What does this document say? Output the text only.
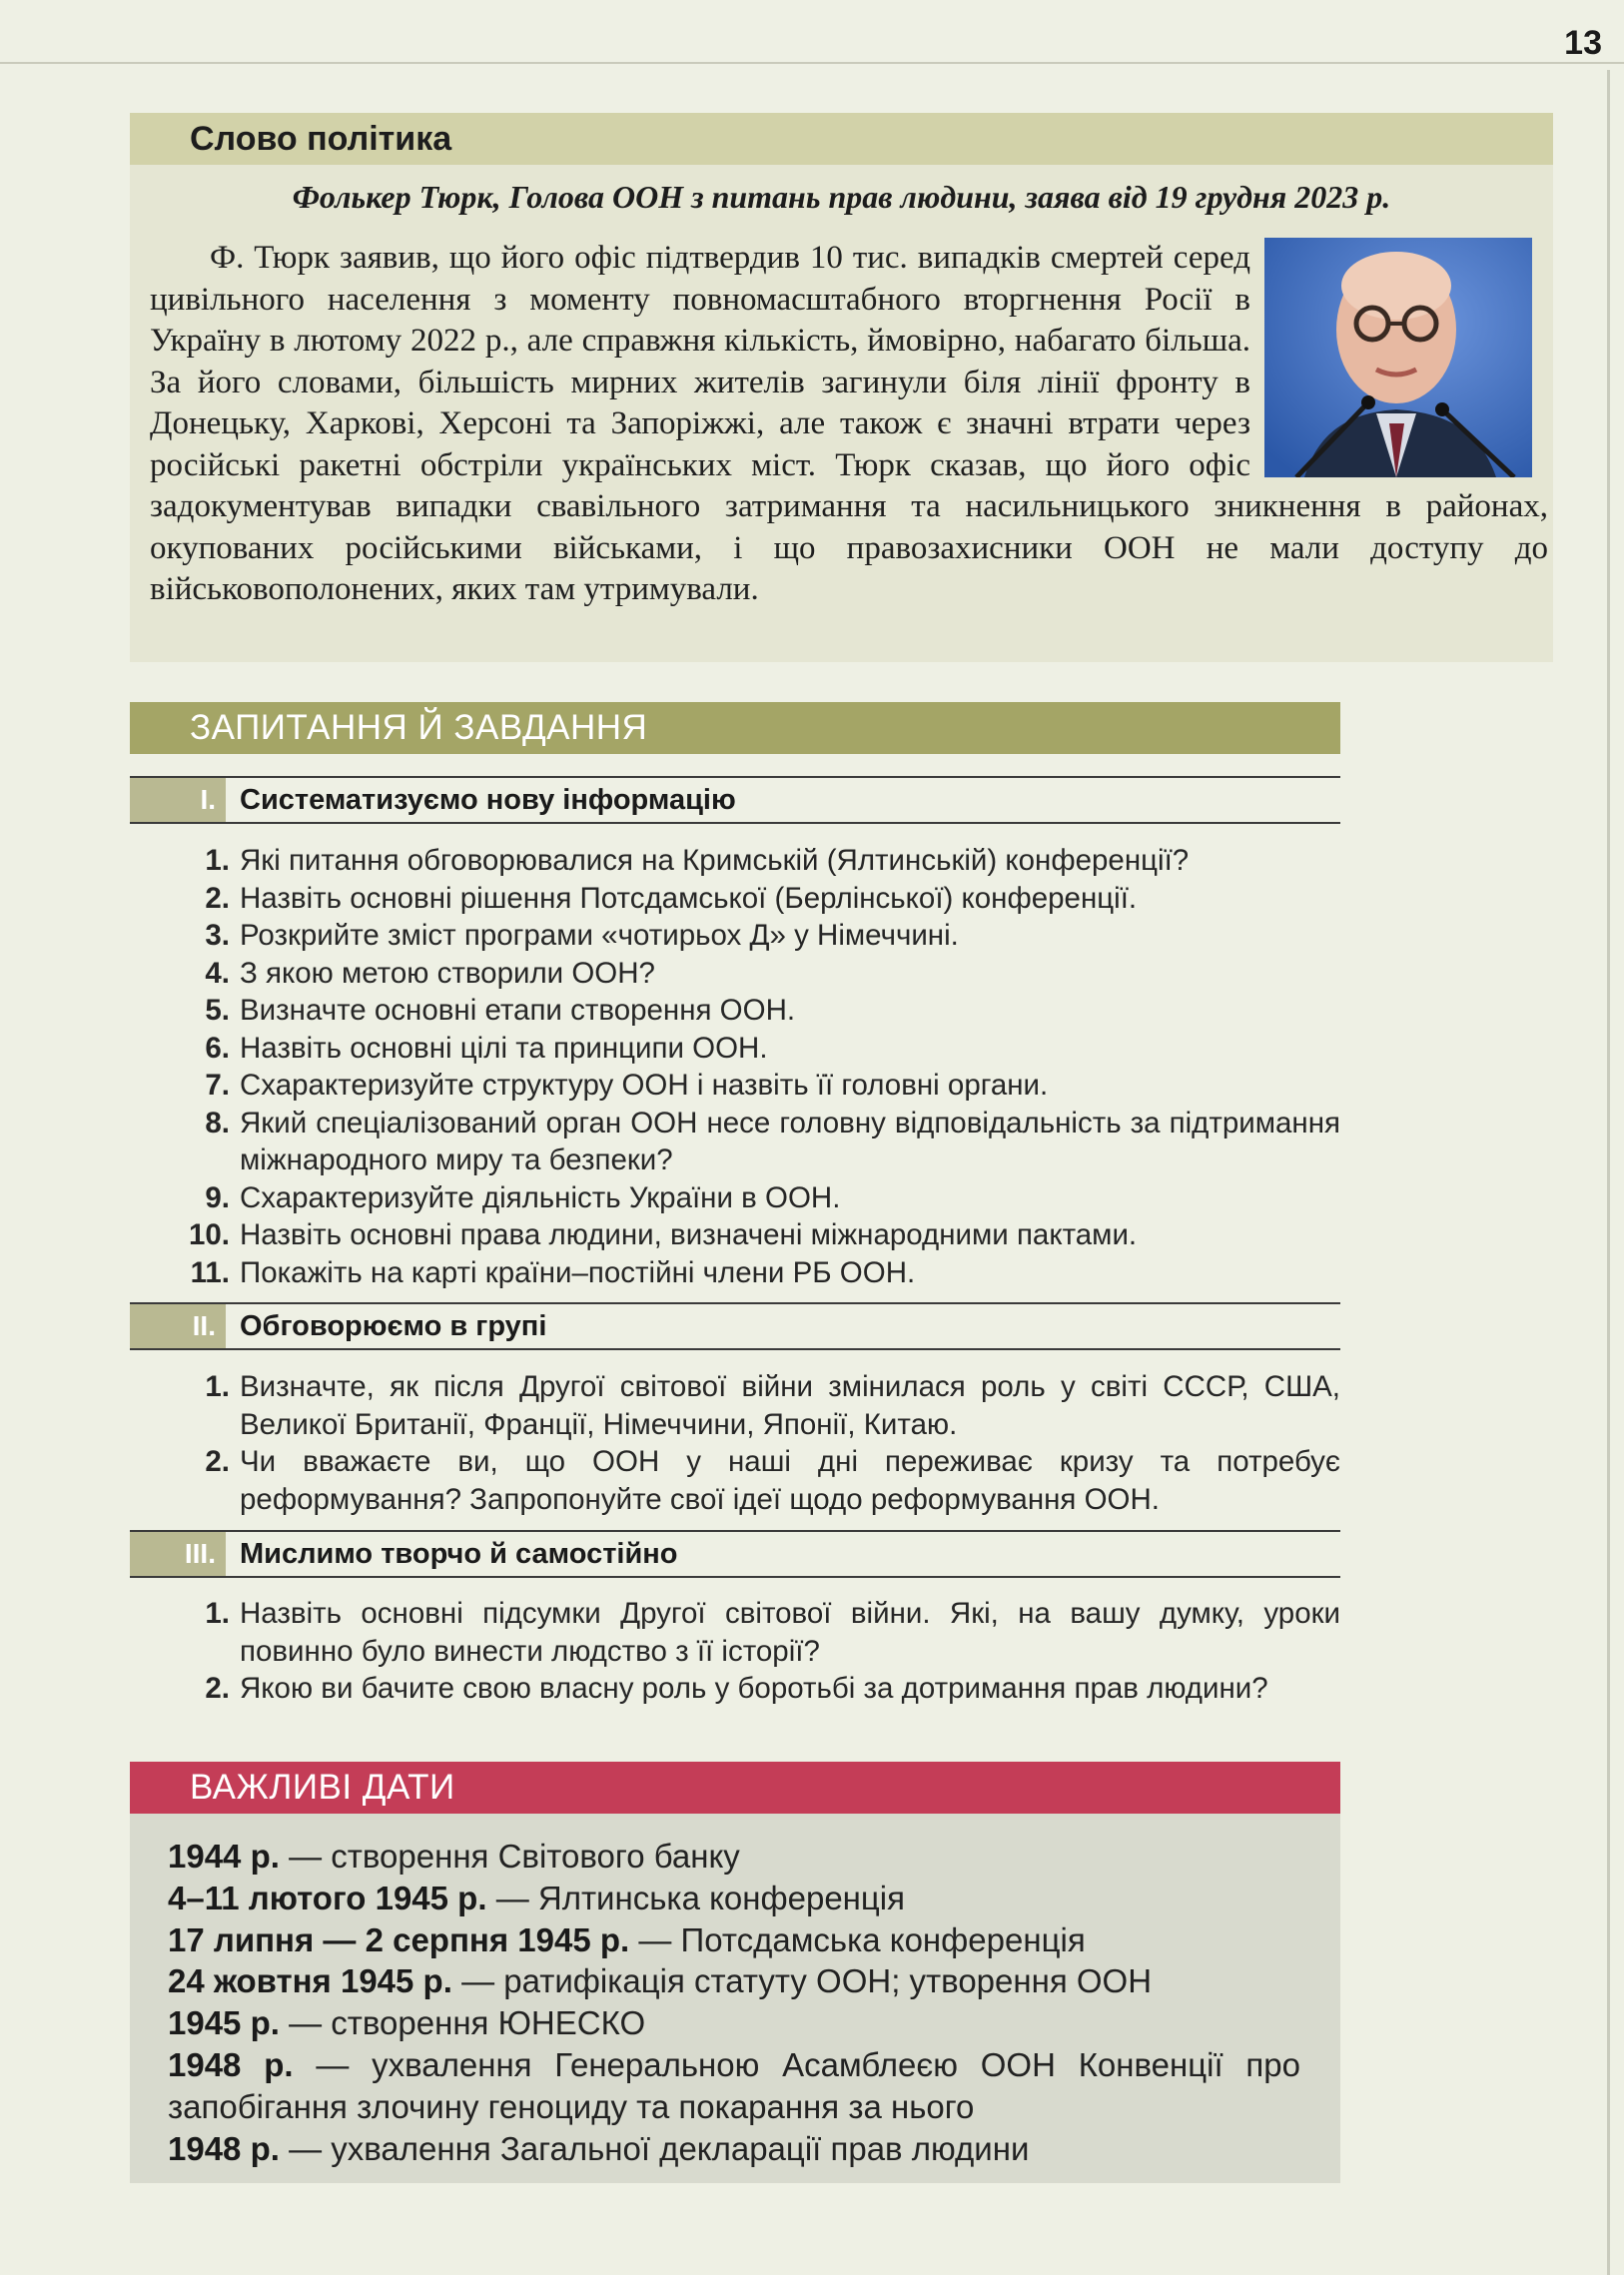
13
Слово політика
Фолькер Тюрк, Голова ООН з питань прав людини, заява від 19 грудня 2023 р.
Ф. Тюрк заявив, що його офіс підтвердив 10 тис. випадків смертей серед цивільного населення з моменту повномасштабного вторгнення Росії в Україну в лютому 2022 р., але справжня кількість, ймовірно, набагато більша. За його словами, більшість мирних жителів загинули біля лінії фронту в Донецьку, Харкові, Херсоні та Запоріжжі, але також є значні втрати через російські ракетні обстріли українських міст. Тюрк сказав, що його офіс задокументував випадки свавільного затримання та насильницького зникнення в районах, окупованих російськими військами, і що правозахисники ООН не мали доступу до військовополонених, яких там утримували.
ЗАПИТАННЯ Й ЗАВДАННЯ
I. Систематизуємо нову інформацію
1. Які питання обговорювалися на Кримській (Ялтинській) конференції?
2. Назвіть основні рішення Потсдамської (Берлінської) конференції.
3. Розкрийте зміст програми «чотирьох Д» у Німеччині.
4. З якою метою створили ООН?
5. Визначте основні етапи створення ООН.
6. Назвіть основні цілі та принципи ООН.
7. Схарактеризуйте структуру ООН і назвіть її головні органи.
8. Який спеціалізований орган ООН несе головну відповідальність за підтримання міжнародного миру та безпеки?
9. Схарактеризуйте діяльність України в ООН.
10. Назвіть основні права людини, визначені міжнародними пактами.
11. Покажіть на карті країни–постійні члени РБ ООН.
II. Обговорюємо в групі
1. Визначте, як після Другої світової війни змінилася роль у світі СССР, США, Великої Британії, Франції, Німеччини, Японії, Китаю.
2. Чи вважаєте ви, що ООН у наші дні переживає кризу та потребує реформування? Запропонуйте свої ідеї щодо реформування ООН.
III. Мислимо творчо й самостійно
1. Назвіть основні підсумки Другої світової війни. Які, на вашу думку, уроки повинно було винести людство з її історії?
2. Якою ви бачите свою власну роль у боротьбі за дотримання прав людини?
ВАЖЛИВІ ДАТИ
1944 р. — створення Світового банку
4–11 лютого 1945 р. — Ялтинська конференція
17 липня — 2 серпня 1945 р. — Потсдамська конференція
24 жовтня 1945 р. — ратифікація статуту ООН; утворення ООН
1945 р. — створення ЮНЕСКО
1948 р. — ухвалення Генеральною Асамблеєю ООН Конвенції про запобігання злочину геноциду та покарання за нього
1948 р. — ухвалення Загальної декларації прав людини
